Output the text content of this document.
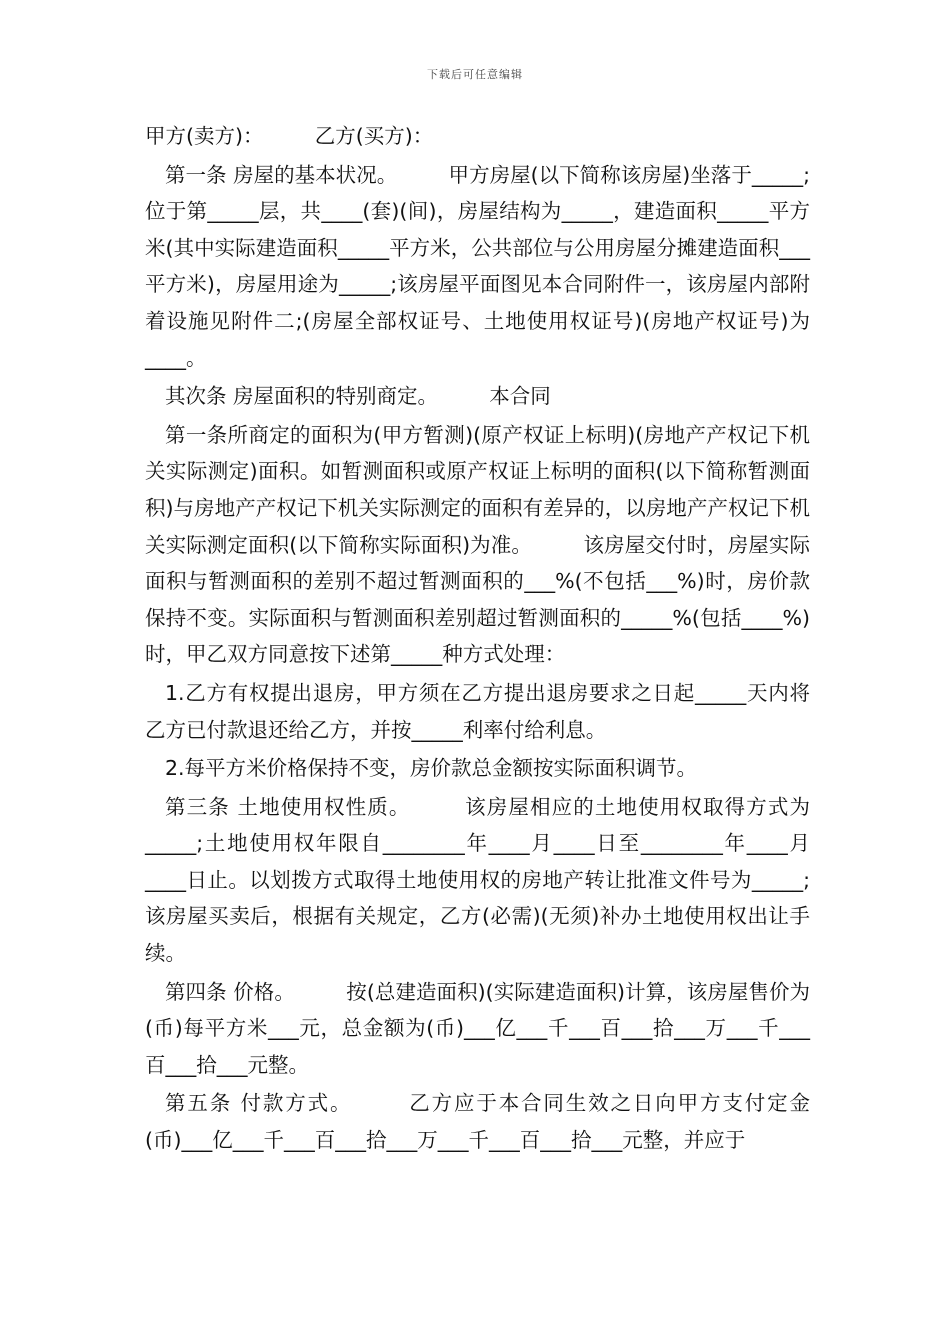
下载后可任意编辑

甲方(卖方)：　　　乙方(买方)：

第一条 房屋的基本状况。　　　甲方房屋(以下简称该房屋)坐落于_____;位于第_____层，共____(套)(间)，房屋结构为_____，建造面积_____平方米(其中实际建造面积_____平方米，公共部位与公用房屋分摊建造面积___平方米)，房屋用途为_____;该房屋平面图见本合同附件一，该房屋内部附着设施见附件二;(房屋全部权证号、土地使用权证号)(房地产权证号)为____。

其次条 房屋面积的特别商定。　　　本合同

第一条所商定的面积为(甲方暂测)(原产权证上标明)(房地产产权记下机关实际测定)面积。如暂测面积或原产权证上标明的面积(以下简称暂测面积)与房地产产权记下机关实际测定的面积有差异的，以房地产产权记下机关实际测定面积(以下简称实际面积)为准。　　　该房屋交付时，房屋实际面积与暂测面积的差别不超过暂测面积的___%(不包括___%)时，房价款保持不变。实际面积与暂测面积差别超过暂测面积的_____%(包括____%)时，甲乙双方同意按下述第_____种方式处理：

1.乙方有权提出退房，甲方须在乙方提出退房要求之日起_____天内将　　乙方已付款退还给乙方，并按_____利率付给利息。

2.每平方米价格保持不变，房价款总金额按实际面积调节。

第三条 土地使用权性质。　　　该房屋相应的土地使用权取得方式为_____;土地使用权年限自________年____月____日至________年____月____日止。以划拨方式取得土地使用权的房地产转让批准文件号为_____;该房屋买卖后，根据有关规定，乙方(必需)(无须)补办土地使用权出让手续。

第四条 价格。　　　按(总建造面积)(实际建造面积)计算，该房屋售价为(币)每平方米___元，总金额为(币)___亿___千___百___拾___万___千___百___拾___元整。

第五条 付款方式。　　　乙方应于本合同生效之日向甲方支付定金(币)___亿___千___百___拾___万___千___百___拾___元整，并应于
